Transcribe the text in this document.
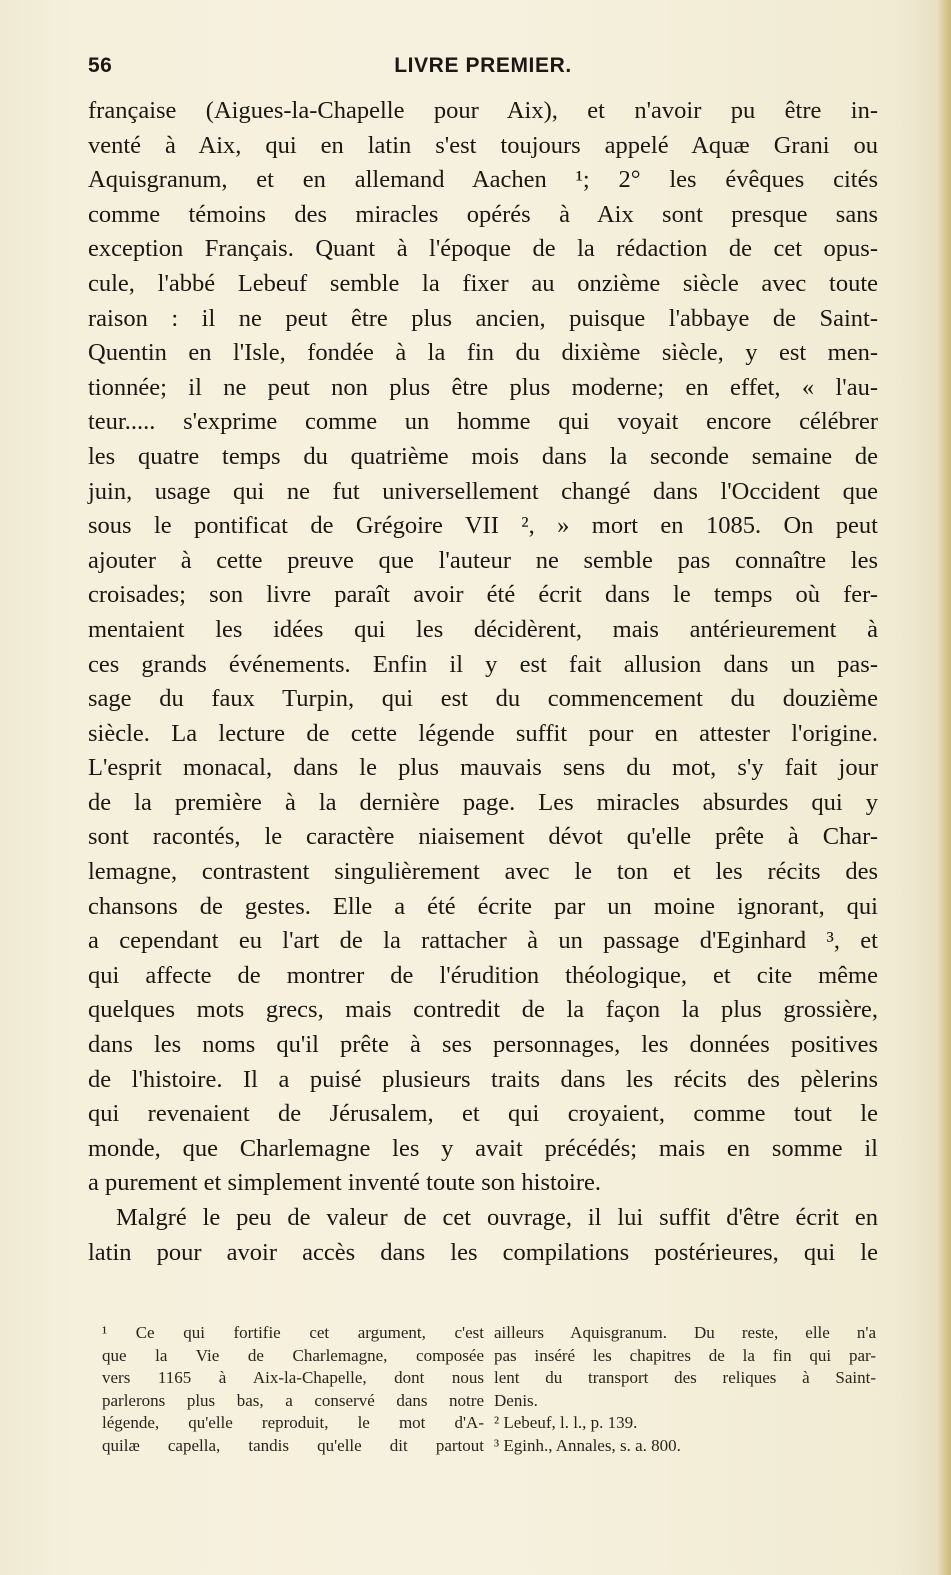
56	LIVRE PREMIER.
française (Aigues-la-Chapelle pour Aix), et n'avoir pu être in-
venté à Aix, qui en latin s'est toujours appelé Aquæ Grani ou
Aquisgranum, et en allemand Aachen ¹; 2° les évêques cités
comme témoins des miracles opérés à Aix sont presque sans
exception Français. Quant à l'époque de la rédaction de cet opus-
cule, l'abbé Lebeuf semble la fixer au onzième siècle avec toute
raison : il ne peut être plus ancien, puisque l'abbaye de Saint-
Quentin en l'Isle, fondée à la fin du dixième siècle, y est men-
tionnée; il ne peut non plus être plus moderne; en effet, « l'au-
teur..... s'exprime comme un homme qui voyait encore célébrer
les quatre temps du quatrième mois dans la seconde semaine de
juin, usage qui ne fut universellement changé dans l'Occident que
sous le pontificat de Grégoire VII ², » mort en 1085. On peut
ajouter à cette preuve que l'auteur ne semble pas connaître les
croisades; son livre paraît avoir été écrit dans le temps où fer-
mentaient les idées qui les décidèrent, mais antérieurement à
ces grands événements. Enfin il y est fait allusion dans un pas-
sage du faux Turpin, qui est du commencement du douzième
siècle. La lecture de cette légende suffit pour en attester l'origine.
L'esprit monacal, dans le plus mauvais sens du mot, s'y fait jour
de la première à la dernière page. Les miracles absurdes qui y
sont racontés, le caractère niaisement dévot qu'elle prête à Char-
lemagne, contrastent singulièrement avec le ton et les récits des
chansons de gestes. Elle a été écrite par un moine ignorant, qui
a cependant eu l'art de la rattacher à un passage d'Eginhard ³, et
qui affecte de montrer de l'érudition théologique, et cite même
quelques mots grecs, mais contredit de la façon la plus grossière,
dans les noms qu'il prête à ses personnages, les données positives
de l'histoire. Il a puisé plusieurs traits dans les récits des pèlerins
qui revenaient de Jérusalem, et qui croyaient, comme tout le
monde, que Charlemagne les y avait précédés; mais en somme il
a purement et simplement inventé toute son histoire.
Malgré le peu de valeur de cet ouvrage, il lui suffit d'être écrit en
latin pour avoir accès dans les compilations postérieures, qui le
¹ Ce qui fortifie cet argument, c'est
que la Vie de Charlemagne, composée
vers 1165 à Aix-la-Chapelle, dont nous
parlerons plus bas, a conservé dans notre
légende, qu'elle reproduit, le mot d'A-
quilæ capella, tandis qu'elle dit partout
ailleurs Aquisgranum. Du reste, elle n'a
pas inséré les chapitres de la fin qui par-
lent du transport des reliques à Saint-
Denis.
² Lebeuf, l. l., p. 139.
³ Eginh., Annales, s. a. 800.
